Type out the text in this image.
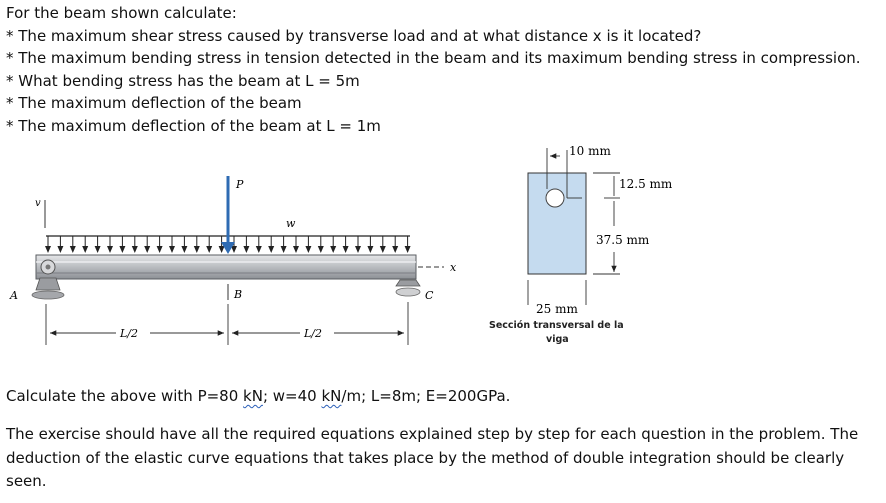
For the beam shown calculate:
* The maximum shear stress caused by transverse load and at what distance x is it located?
* The maximum bending stress in tension detected in the beam and its maximum bending stress in compression.
* What bending stress has the beam at L = 5m
* The maximum deflection of the beam
* The maximum deflection of the beam at L = 1m
v
w
P
A	C
x
B
L/2	L/2
10 mm
12.5 mm
37.5 mm
25 mm
Sección transversal de la
viga
Calculate the above with P=80 kN; w=40 kN/m; L=8m; E=200GPa.
The exercise should have all the required equations explained step by step for each question in the problem. The deduction of the elastic curve equations that takes place by the method of double integration should be clearly seen.
